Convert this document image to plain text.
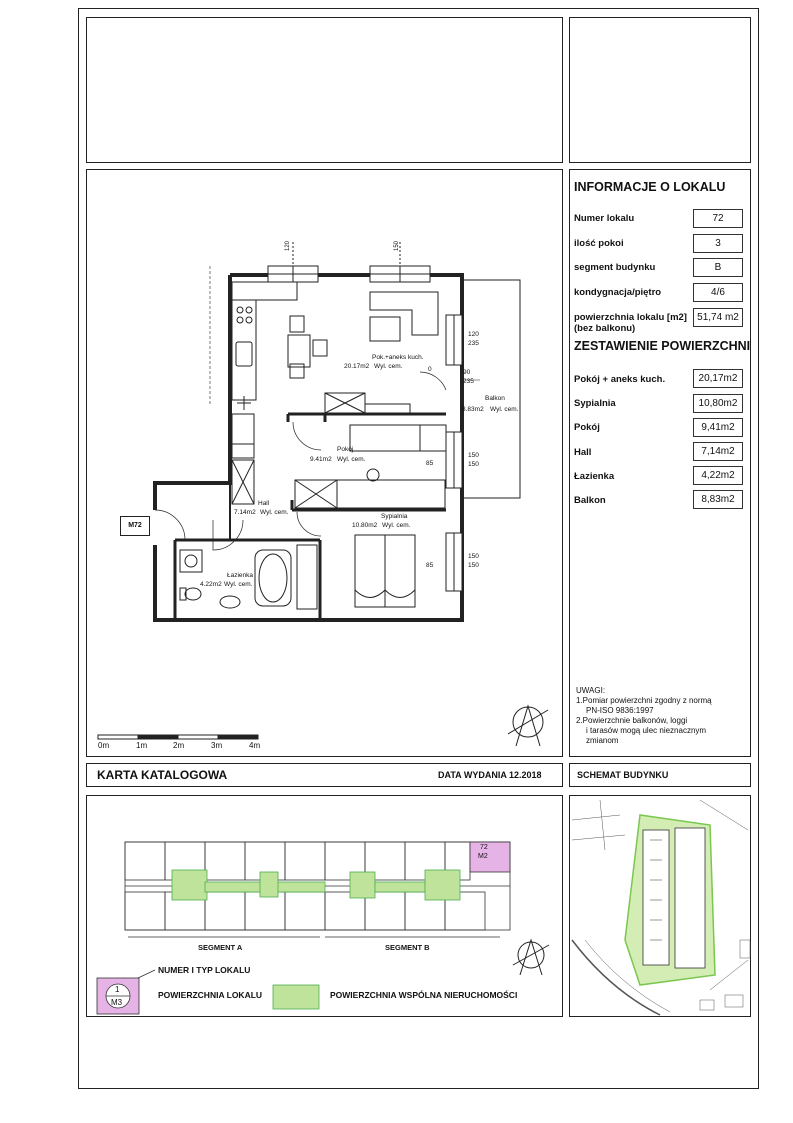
INFORMACJE O LOKALU
Numer lokalu	72
ilość pokoi	3
segment budynku	B
kondygnacja/piętro	4/6
powierzchnia lokalu [m2]
(bez balkonu)
51,74 m2
ZESTAWIENIE POWIERZCHNI
Pokój + aneks kuch.	20,17m2
Sypialnia	10,80m2
Pokój	9,41m2
Hall	7,14m2
Łazienka	4,22m2
Balkon	8,83m2
UWAGI:
1.Pomiar powierzchni zgodny z normą
PN-ISO 9836:1997
2.Powierzchnie balkonów, loggi
i tarasów mogą ulec nieznacznym
zmianom
Pok.+aneks kuch.
20.17m2 Wyl. cem.
Balkon
8.83m2 Wyl. cem.
Pokój
9.41m2 Wyl. cem.
Hall
7.14m2 Wyl. cem.
Sypialnia
10.80m2 Wyl. cem.
Łazienka
4.22m2 Wyl. cem.
M72
120	150
120
235
0	90
235
150
150
85
150
150
85
0m	1m	2m	3m	4m
KARTA KATALOGOWA	DATA WYDANIA 12.2018	SCHEMAT BUDYNKU
SEGMENT A	SEGMENT B
72
M2
1
M3
NUMER I TYP LOKALU
POWIERZCHNIA LOKALU	POWIERZCHNIA WSPÓLNA NIERUCHOMOŚCI
